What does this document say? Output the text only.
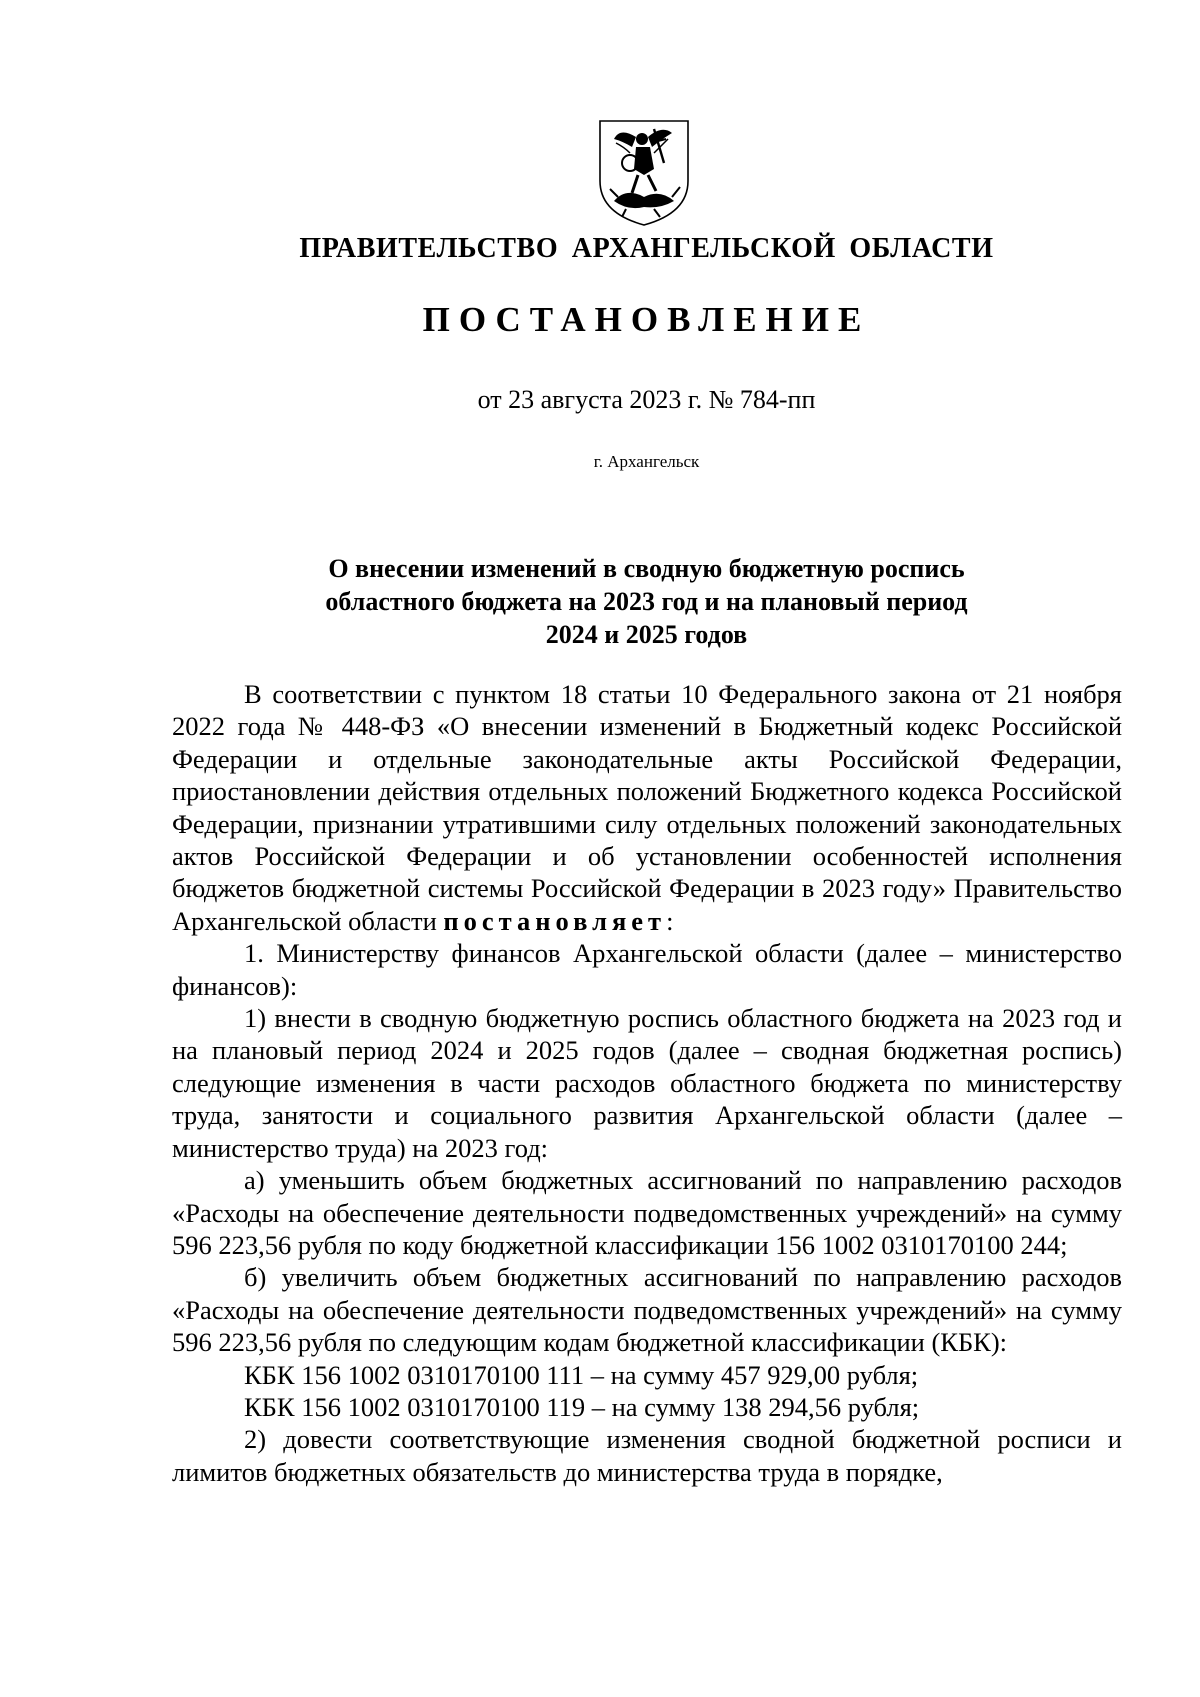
ПРАВИТЕЛЬСТВО АРХАНГЕЛЬСКОЙ ОБЛАСТИ
ПОСТАНОВЛЕНИЕ
от 23 августа 2023 г. № 784-пп
г. Архангельск
О внесении изменений в сводную бюджетную роспись
областного бюджета на 2023 год и на плановый период
2024 и 2025 годов

В соответствии с пунктом 18 статьи 10 Федерального закона от 21 ноября 2022 года № 448-ФЗ «О внесении изменений в Бюджетный кодекс Российской Федерации и отдельные законодательные акты Российской Федерации, приостановлении действия отдельных положений Бюджетного кодекса Российской Федерации, признании утратившими силу отдельных положений законодательных актов Российской Федерации и об установлении особенностей исполнения бюджетов бюджетной системы Российской Федерации в 2023 году» Правительство Архангельской области постановляет:

1. Министерству финансов Архангельской области (далее – министерство финансов):

1) внести в сводную бюджетную роспись областного бюджета на 2023 год и на плановый период 2024 и 2025 годов (далее – сводная бюджетная роспись) следующие изменения в части расходов областного бюджета по министерству труда, занятости и социального развития Архангельской области (далее – министерство труда) на 2023 год:

а) уменьшить объем бюджетных ассигнований по направлению расходов «Расходы на обеспечение деятельности подведомственных учреждений» на сумму 596 223,56 рубля по коду бюджетной классификации 156 1002 0310170100 244;

б) увеличить объем бюджетных ассигнований по направлению расходов «Расходы на обеспечение деятельности подведомственных учреждений» на сумму 596 223,56 рубля по следующим кодам бюджетной классификации (КБК):

КБК 156 1002 0310170100 111 – на сумму 457 929,00 рубля;

КБК 156 1002 0310170100 119 – на сумму 138 294,56 рубля;

2) довести соответствующие изменения сводной бюджетной росписи и лимитов бюджетных обязательств до министерства труда в порядке,
